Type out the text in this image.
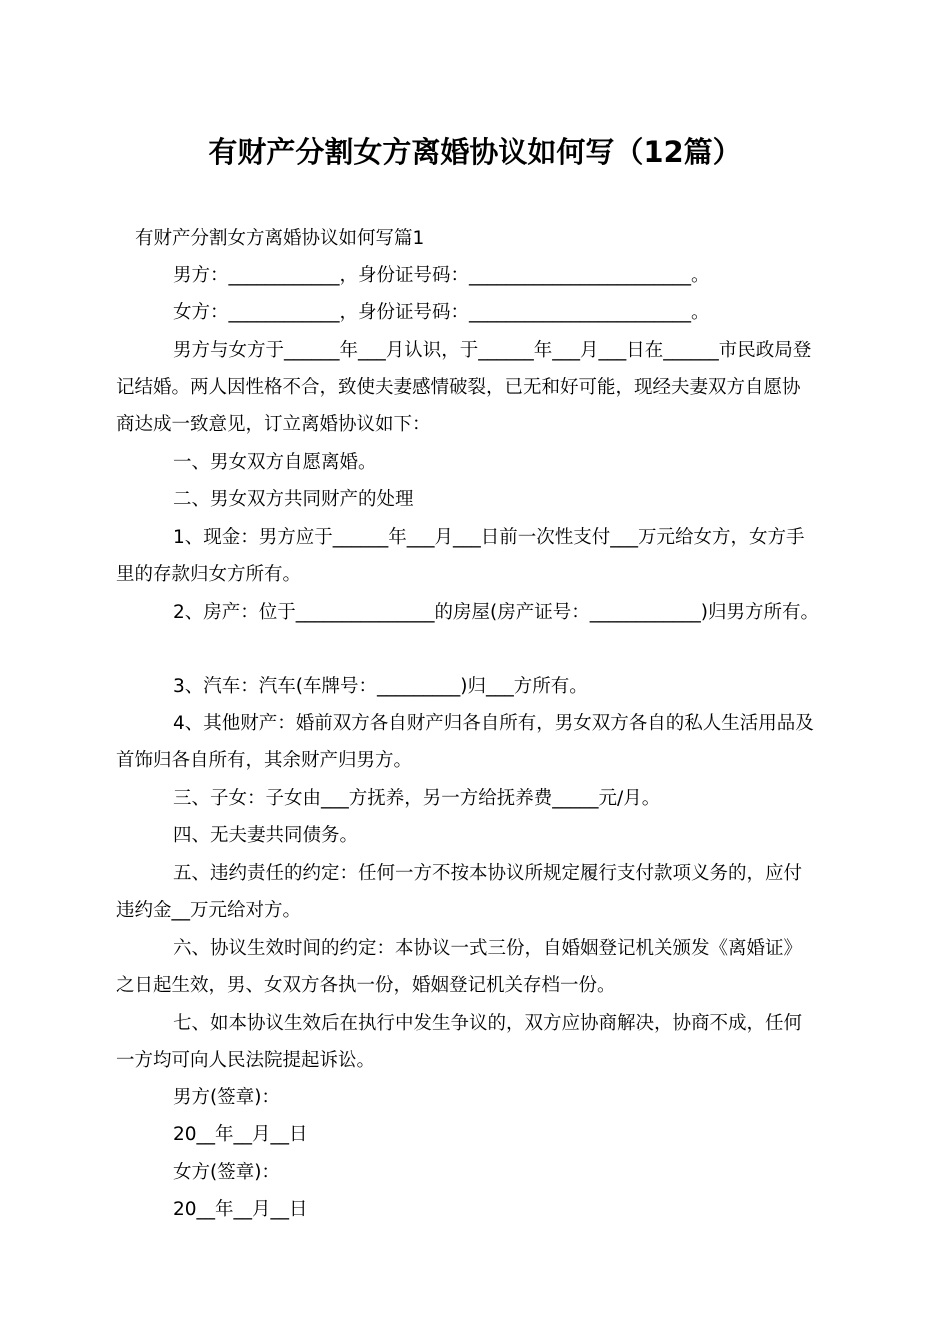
有财产分割女方离婚协议如何写（12篇）
有财产分割女方离婚协议如何写篇1
男方：____________，身份证号码：________________________。
女方：____________，身份证号码：________________________。
男方与女方于______年___月认识，于______年___月___日在______市民政局登
记结婚。两人因性格不合，致使夫妻感情破裂，已无和好可能，现经夫妻双方自愿协
商达成一致意见，订立离婚协议如下：
一、男女双方自愿离婚。
二、男女双方共同财产的处理
1、现金：男方应于______年___月___日前一次性支付___万元给女方，女方手
里的存款归女方所有。
2、房产：位于_______________的房屋(房产证号：____________)归男方所有。
3、汽车：汽车(车牌号：_________)归___方所有。
4、其他财产：婚前双方各自财产归各自所有，男女双方各自的私人生活用品及
首饰归各自所有，其余财产归男方。
三、子女：子女由___方抚养，另一方给抚养费_____元/月。
四、无夫妻共同债务。
五、违约责任的约定：任何一方不按本协议所规定履行支付款项义务的，应付
违约金__万元给对方。
六、协议生效时间的约定：本协议一式三份，自婚姻登记机关颁发《离婚证》
之日起生效，男、女双方各执一份，婚姻登记机关存档一份。
七、如本协议生效后在执行中发生争议的，双方应协商解决，协商不成，任何
一方均可向人民法院提起诉讼。
男方(签章)：
20__年__月__日
女方(签章)：
20__年__月__日
